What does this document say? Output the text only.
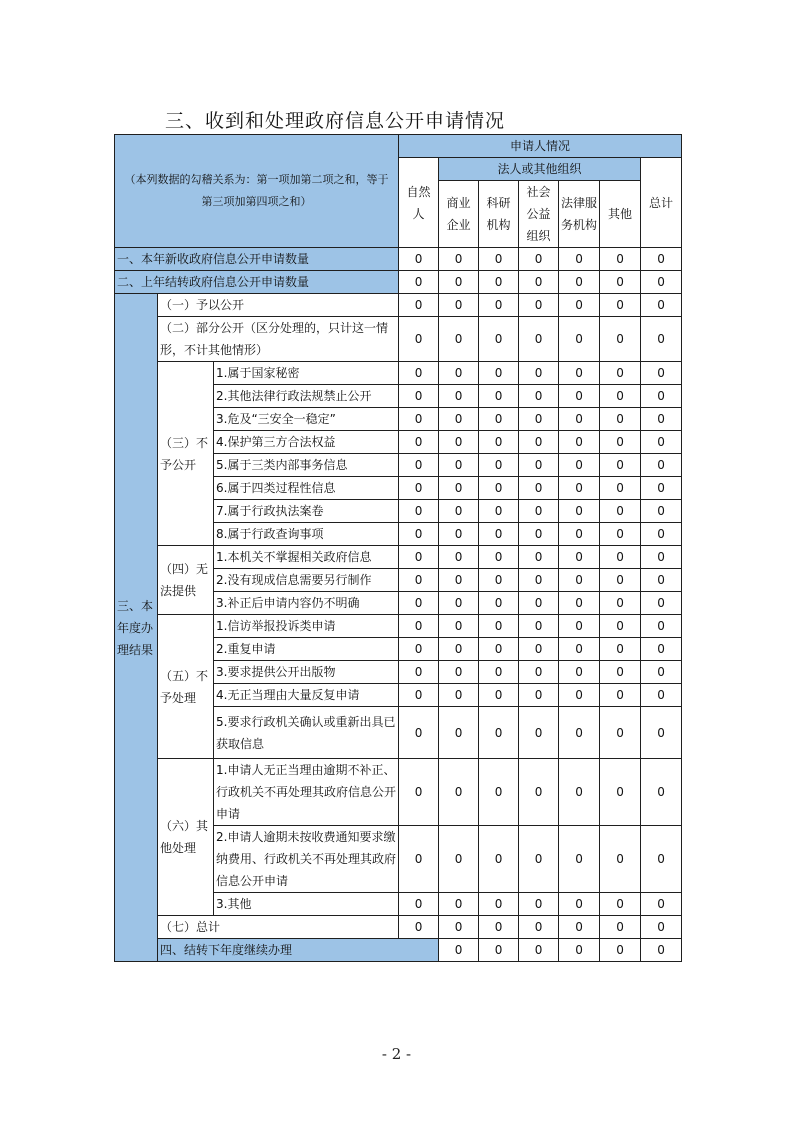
三、收到和处理政府信息公开申请情况
（本列数据的勾稽关系为：第一项加第二项之和，等于第三项加第四项之和）			申请人情况							
			自然人	法人或其他组织					总计	
				商业企业	科研机构	社会公益组织	法律服务机构	其他		

一、本年新收政府信息公开申请数量			0	0	0	0	0	0	0	
二、上年结转政府信息公开申请数量			0	0	0	0	0	0	0	
三、本年度办理结果	（一）予以公开		0	0	0	0	0	0	0	
	（二）部分公开（区分处理的，只计这一情形，不计其他情形）		0	0	0	0	0	0	0	
	（三）不予公开	1.属于国家秘密	0	0	0	0	0	0	0	
		2.其他法律行政法规禁止公开	0	0	0	0	0	0	0	
		3.危及“三安全一稳定”	0	0	0	0	0	0	0	
		4.保护第三方合法权益	0	0	0	0	0	0	0	
		5.属于三类内部事务信息	0	0	0	0	0	0	0	
		6.属于四类过程性信息	0	0	0	0	0	0	0	
		7.属于行政执法案卷	0	0	0	0	0	0	0	
		8.属于行政查询事项	0	0	0	0	0	0	0	
	（四）无法提供	1.本机关不掌握相关政府信息	0	0	0	0	0	0	0	
		2.没有现成信息需要另行制作	0	0	0	0	0	0	0	
		3.补正后申请内容仍不明确	0	0	0	0	0	0	0	
	（五）不予处理	1.信访举报投诉类申请	0	0	0	0	0	0	0	
		2.重复申请	0	0	0	0	0	0	0	
		3.要求提供公开出版物	0	0	0	0	0	0	0	
		4.无正当理由大量反复申请	0	0	0	0	0	0	0	
		5.要求行政机关确认或重新出具已获取信息	0	0	0	0	0	0	0	
	（六）其他处理	1.申请人无正当理由逾期不补正、行政机关不再处理其政府信息公开申请	0	0	0	0	0	0	0	
		2.申请人逾期未按收费通知要求缴纳费用、行政机关不再处理其政府信息公开申请	0	0	0	0	0	0	0	
		3.其他	0	0	0	0	0	0	0	
	（七）总计		0	0	0	0	0	0	0	
	四、结转下年度继续办理			0	0	0	0	0	0	
- 2 -
